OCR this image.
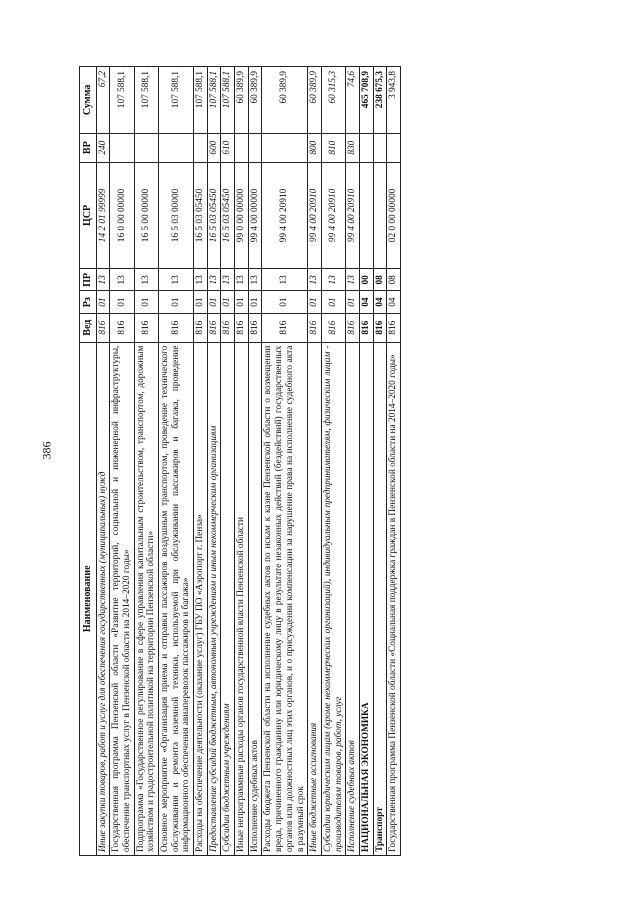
386
Наименование	Вед	Рз	ПР	ЦСР	ВР	Сумма
Иные закупки товаров, работ и услуг для обеспечения государственных (муниципальных) нужд	816	01	13	14 2 01 99999	240	67,2
Государственная программа Пензенской области «Развитие территорий, социальной и инженерной инфраструктуры, обеспечение транспортных услуг в Пензенской области на 2014–2020 годы»	816	01	13	16 0 00 00000		107 588,1
Подпрограмма «Государственное регулирование в сфере управления капитальным строительством, транспортом, дорожным хозяйством и градостроительной политикой на территории Пензенской области»	816	01	13	16 5 00 00000		107 588,1
Основное мероприятие «Организация приема и отправки пассажиров воздушным транспортом, проведение технического обслуживания и ремонта наземной техники, используемой при обслуживании пассажиров и багажа, проведение информационного обеспечения авиаперевозок пассажиров и багажа»	816	01	13	16 5 03 00000		107 588,1
Расходы на обеспечение деятельности (оказание услуг) ГБУ ПО «Аэропорт г. Пенза»	816	01	13	16 5 03 05450		107 588,1
Предоставление субсидий бюджетным, автономным учреждениям и иным некоммерческим организациям	816	01	13	16 5 03 05450	600	107 588,1
Субсидии бюджетным учреждениям	816	01	13	16 5 03 05450	610	107 588,1
Иные непрограммные расходы органов государственной власти Пензенской области	816	01	13	99 0 00 00000		60 389,9
Исполнение судебных актов	816	01	13	99 4 00 00000		60 389,9
Расходы бюджета Пензенской области на исполнение судебных актов по искам к казне Пензенской области о возмещении вреда, причиненного гражданину или юридическому лицу в результате незаконных действий (бездействий) государственных органов или должностных лиц этих органов, и о присуждении компенсации за нарушение права на исполнение судебного акта в разумный срок	816	01	13	99 4 00 20910		60 389,9
Иные бюджетные ассигнования	816	01	13	99 4 00 20910	800	60 389,9
Субсидии юридическим лицам (кроме некоммерческих организаций), индивидуальным предпринимателям, физическим лицам - производителям товаров, работ, услуг	816	01	13	99 4 00 20910	810	60 315,3
Исполнение судебных актов	816	01	13	99 4 00 20910	830	74,6
НАЦИОНАЛЬНАЯ ЭКОНОМИКА	816	04	00			465 708,9
Транспорт	816	04	08			238 675,3
Государственная программа Пензенской области «Социальная поддержка граждан в Пензенской области на 2014–2020 годы»	816	04	08	02 0 00 00000		3 943,8
